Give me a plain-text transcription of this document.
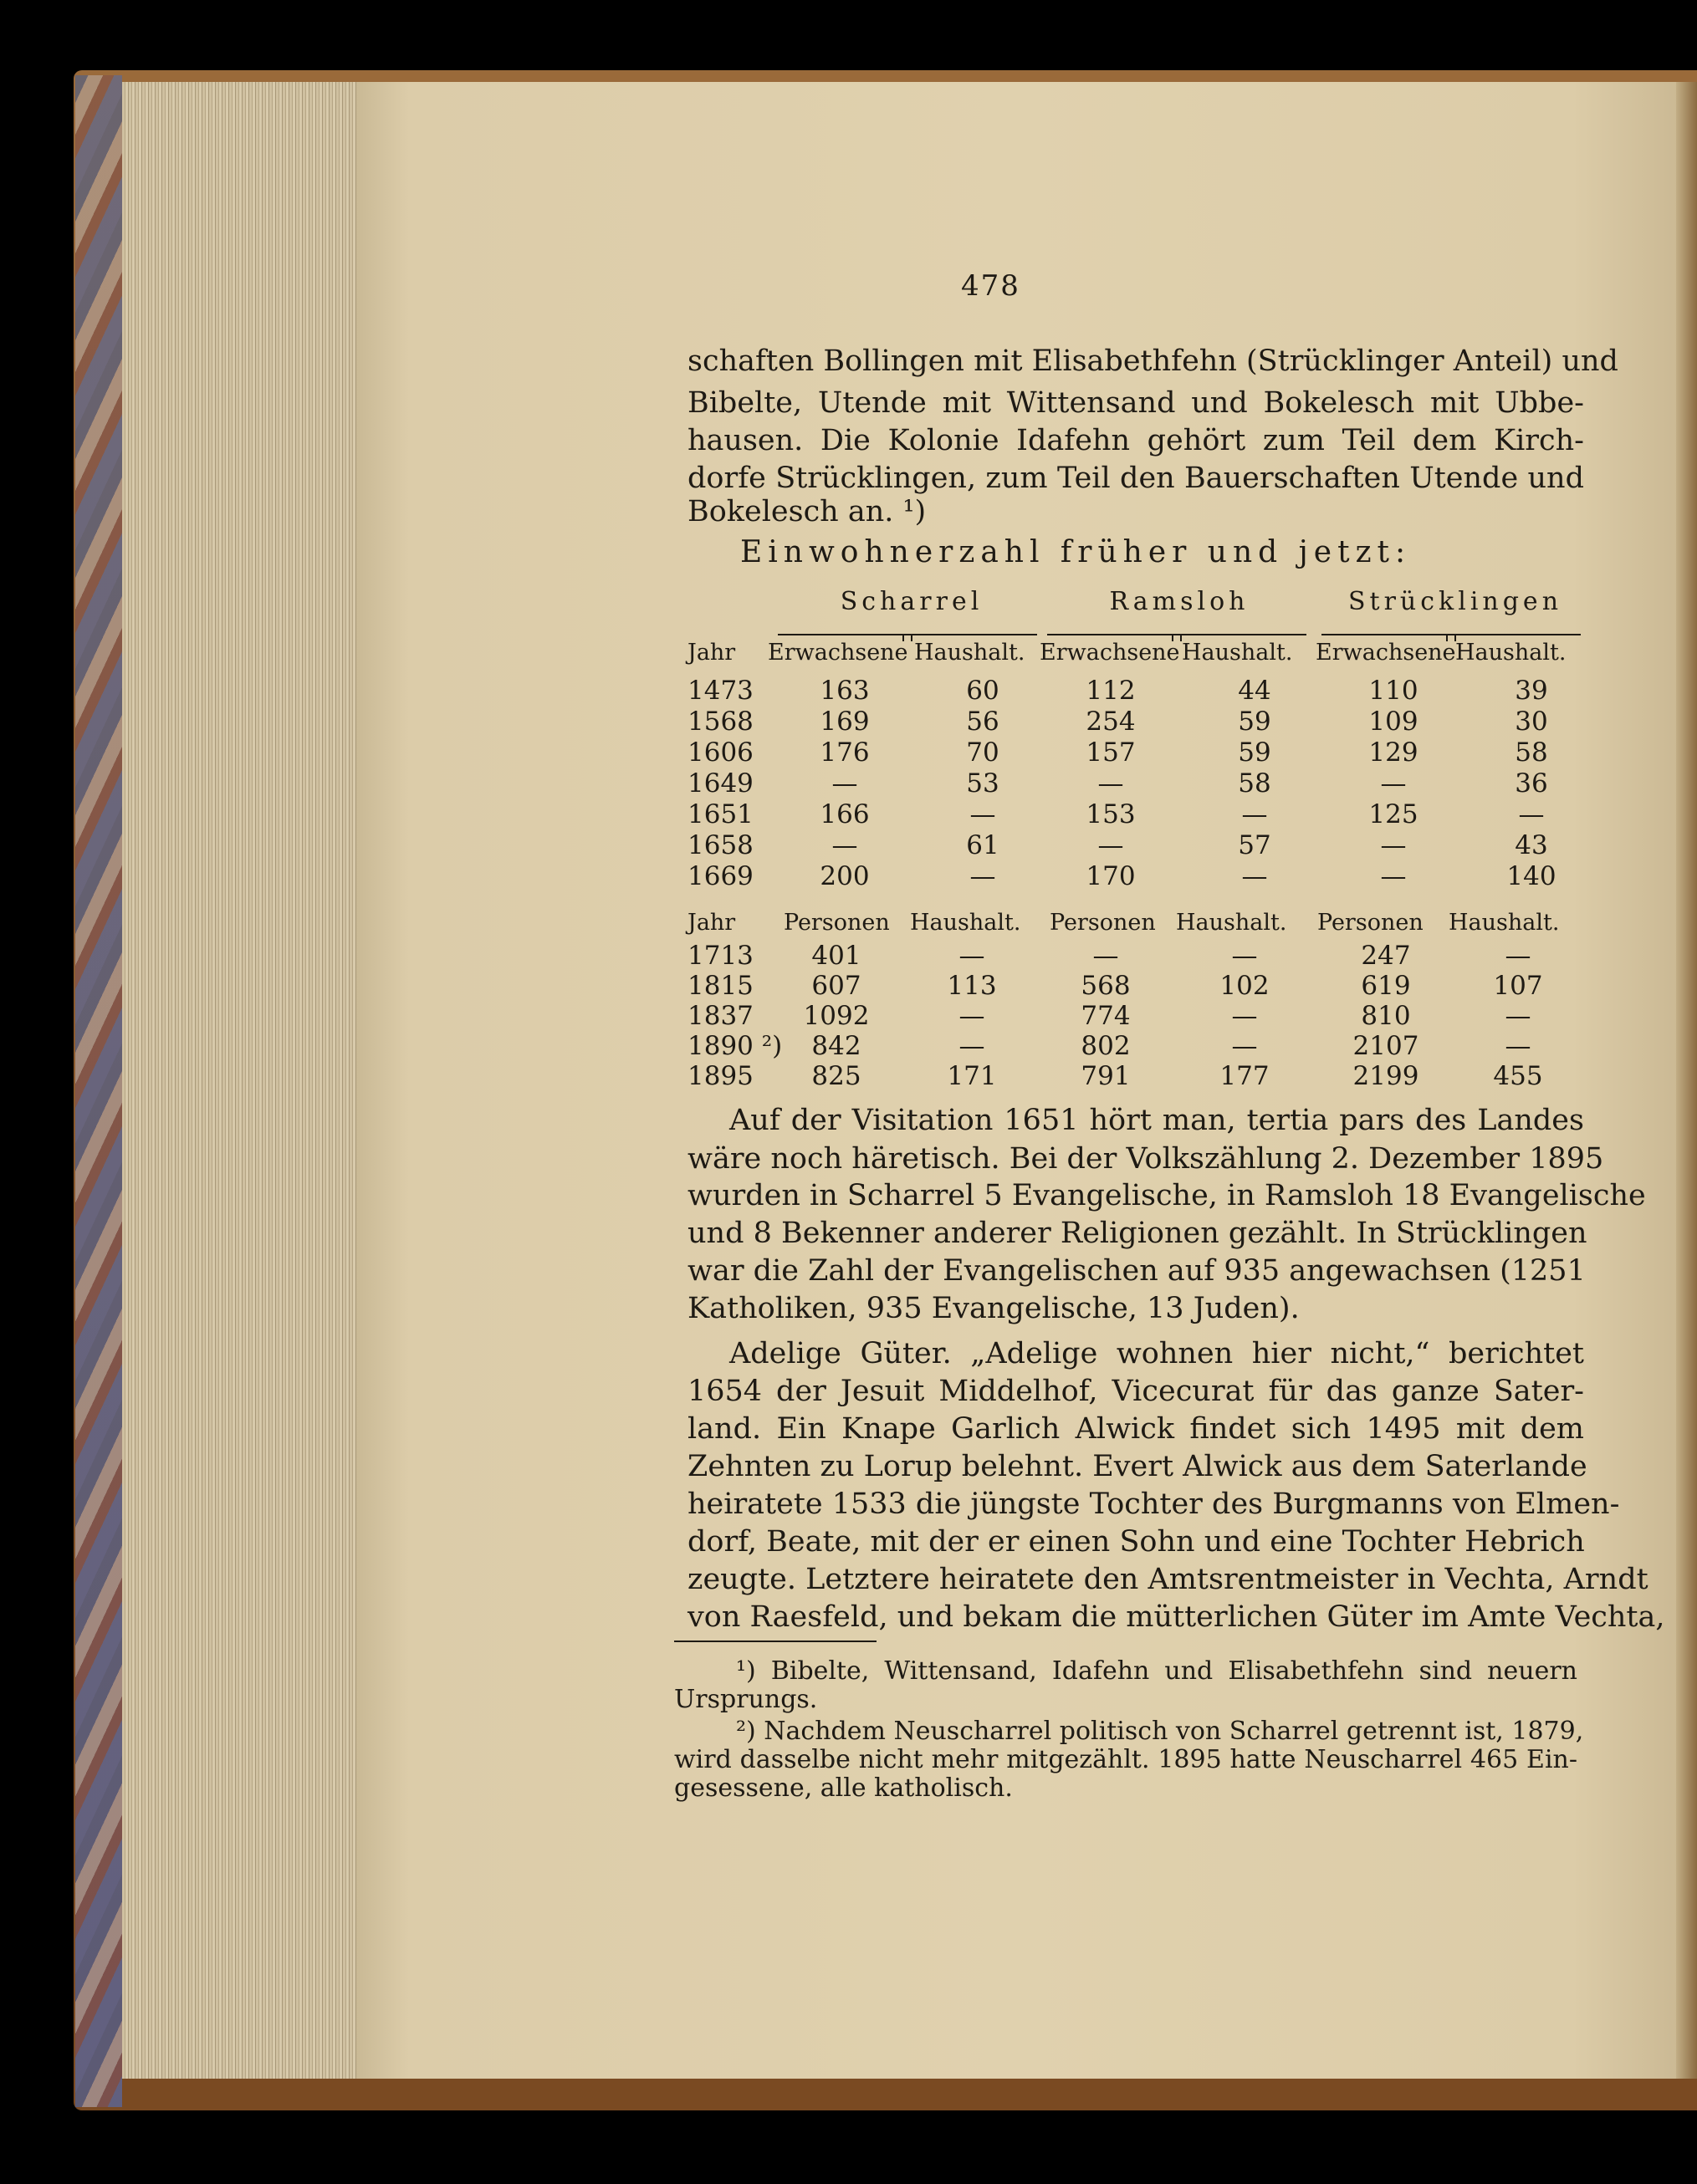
478
schaften Bollingen mit Elisabethfehn (Strücklinger Anteil) und
Bibelte, Utende mit Wittensand und Bokelesch mit Ubbe-
hausen. Die Kolonie Idafehn gehört zum Teil dem Kirch-
dorfe Strücklingen, zum Teil den Bauerschaften Utende und
Bokelesch an. ¹)
Einwohnerzahl früher und jetzt:
Scharrel	Ramsloh	Strücklingen
Jahr Erwachsene Haushalt. Erwachsene Haushalt. Erwachsene Haushalt.
1473	163	60	112	44	110	39
1568	169	56	254	59	109	30
1606	176	70	157	59	129	58
1649	—	53	—	58	—	36
1651	166	—	153	—	125	—
1658	—	61	—	57	—	43
1669	200	—	170	—	—	140
Jahr Personen Haushalt. Personen Haushalt. Personen Haushalt.
1713	401	—	—	—	247	—
1815	607	113	568	102	619	107
1837	1092	—	774	—	810	—
1890 ²)	842	—	802	—	2107	—
1895	825	171	791	177	2199	455
Auf der Visitation 1651 hört man, tertia pars des Landes
wäre noch häretisch. Bei der Volkszählung 2. Dezember 1895
wurden in Scharrel 5 Evangelische, in Ramsloh 18 Evangelische
und 8 Bekenner anderer Religionen gezählt. In Strücklingen
war die Zahl der Evangelischen auf 935 angewachsen (1251
Katholiken, 935 Evangelische, 13 Juden).
Adelige Güter. „Adelige wohnen hier nicht,“ berichtet
1654 der Jesuit Middelhof, Vicecurat für das ganze Sater-
land. Ein Knape Garlich Alwick findet sich 1495 mit dem
Zehnten zu Lorup belehnt. Evert Alwick aus dem Saterlande
heiratete 1533 die jüngste Tochter des Burgmanns von Elmen-
dorf, Beate, mit der er einen Sohn und eine Tochter Hebrich
zeugte. Letztere heiratete den Amtsrentmeister in Vechta, Arndt
von Raesfeld, und bekam die mütterlichen Güter im Amte Vechta,
¹) Bibelte, Wittensand, Idafehn und Elisabethfehn sind neuern
Ursprungs.
²) Nachdem Neuscharrel politisch von Scharrel getrennt ist, 1879,
wird dasselbe nicht mehr mitgezählt. 1895 hatte Neuscharrel 465 Ein-
gesessene, alle katholisch.
